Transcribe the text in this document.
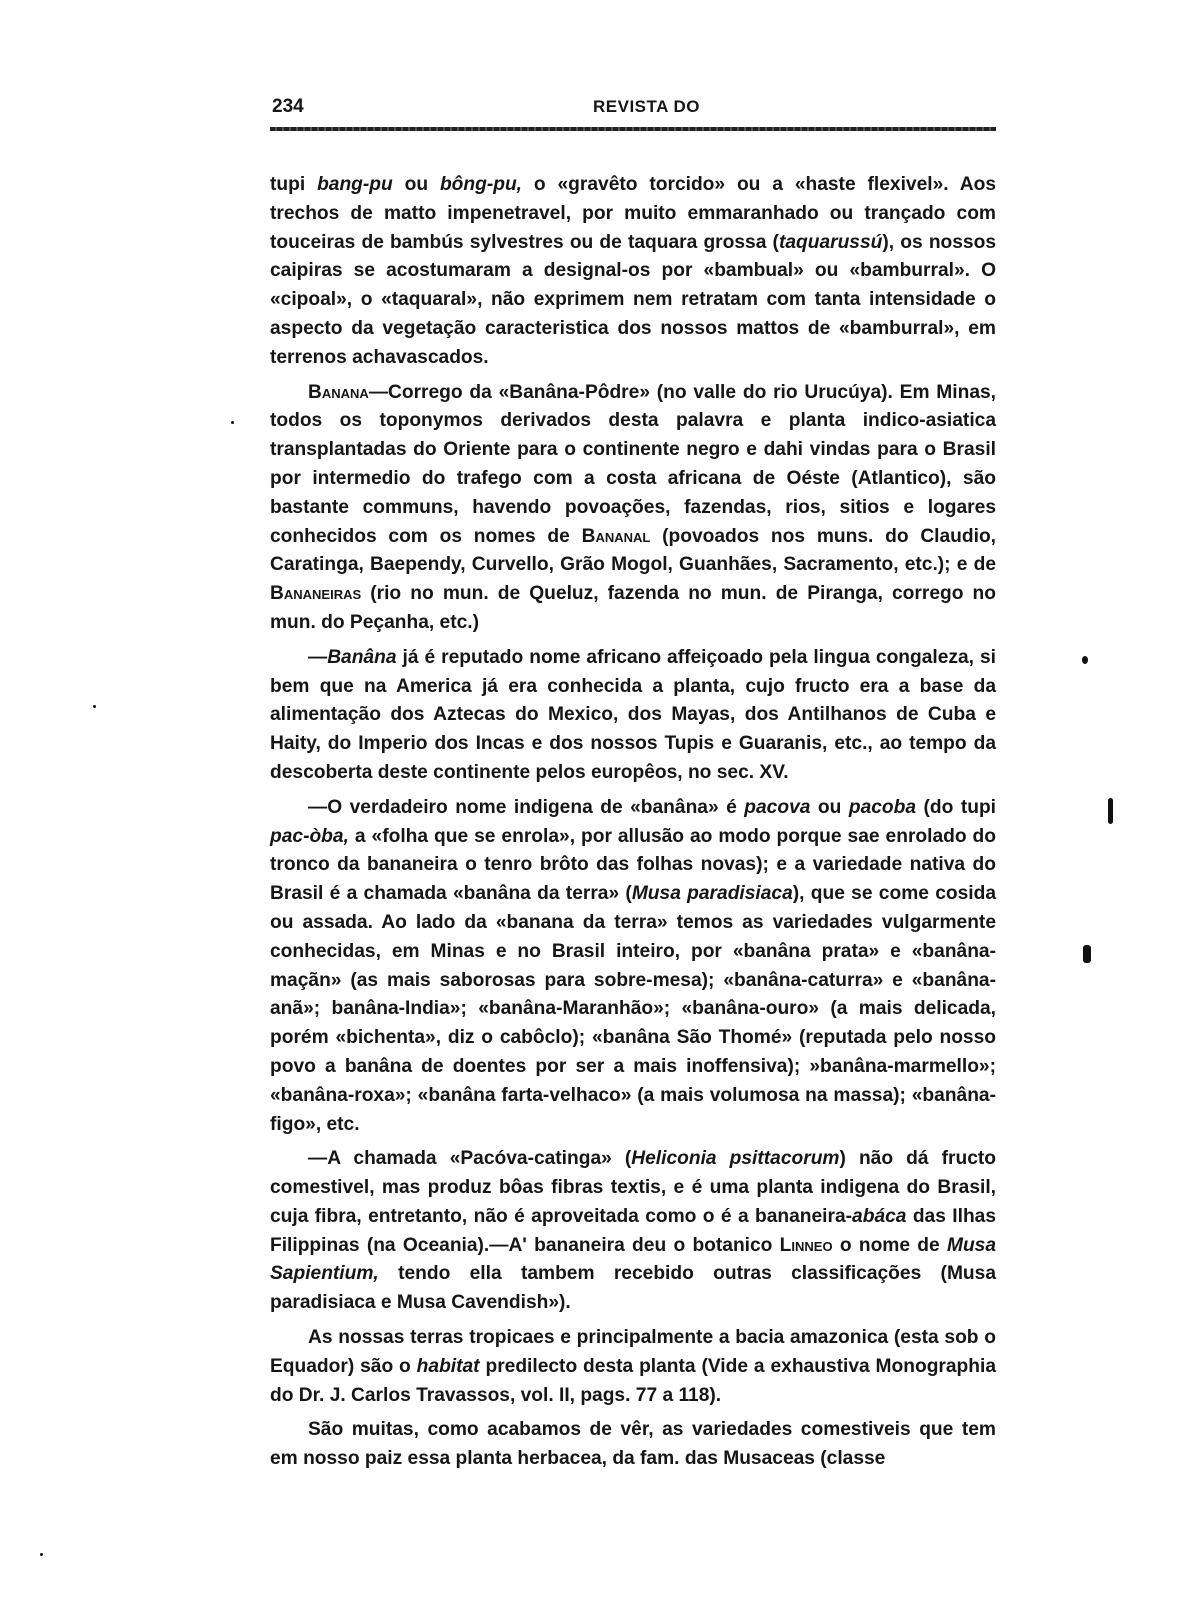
234	REVISTA DO

tupi bang-pu ou bông-pu, o «gravêto torcido» ou a «haste flexivel». Aos trechos de matto impenetravel, por muito emmaranhado ou trançado com touceiras de bambús sylvestres ou de taquara grossa (taquarussú), os nossos caipiras se acostumaram a designal-os por «bambual» ou «bamburral». O «cipoal», o «taquaral», não exprimem nem retratam com tanta intensidade o aspecto da vegetação caracteristica dos nossos mattos de «bamburral», em terrenos achavascados.

Banana—Corrego da «Banâna-Pôdre» (no valle do rio Urucúya). Em Minas, todos os toponymos derivados desta palavra e planta indico-asiatica transplantadas do Oriente para o continente negro e dahi vindas para o Brasil por intermedio do trafego com a costa africana de Oéste (Atlantico), são bastante communs, havendo povoações, fazendas, rios, sitios e logares conhecidos com os nomes de Bananal (povoados nos muns. do Claudio, Caratinga, Baependy, Curvello, Grão Mogol, Guanhães, Sacramento, etc.); e de Bananeiras (rio no mun. de Queluz, fazenda no mun. de Piranga, corrego no mun. do Peçanha, etc.)

—Banâna já é reputado nome africano affeiçoado pela lingua congaleza, si bem que na America já era conhecida a planta, cujo fructo era a base da alimentação dos Aztecas do Mexico, dos Mayas, dos Antilhanos de Cuba e Haity, do Imperio dos Incas e dos nossos Tupis e Guaranis, etc., ao tempo da descoberta deste continente pelos europêos, no sec. XV.

—O verdadeiro nome indigena de «banâna» é pacova ou pacoba (do tupi pac-òba, a «folha que se enrola», por allusão ao modo porque sae enrolado do tronco da bananeira o tenro brôto das folhas novas); e a variedade nativa do Brasil é a chamada «banâna da terra» (Musa paradisiaca), que se come cosida ou assada. Ao lado da «banana da terra» temos as variedades vulgarmente conhecidas, em Minas e no Brasil inteiro, por «banâna prata» e «banâna-maçãn» (as mais saborosas para sobre-mesa); «banâna-caturra» e «banâna-anã»; banâna-India»; «banâna-Maranhão»; «banâna-ouro» (a mais delicada, porém «bichenta», diz o cabôclo); «banâna São Thomé» (reputada pelo nosso povo a banâna de doentes por ser a mais inoffensiva); »banâna-marmello»; «banâna-roxa»; «banâna farta-velhaco» (a mais volumosa na massa); «banâna-figo», etc.

—A chamada «Pacóva-catinga» (Heliconia psittacorum) não dá fructo comestivel, mas produz bôas fibras textis, e é uma planta indigena do Brasil, cuja fibra, entretanto, não é aproveitada como o é a bananeira-abáca das Ilhas Filippinas (na Oceania).—A' bananeira deu o botanico Linneo o nome de Musa Sapientium, tendo ella tambem recebido outras classificações (Musa paradisiaca e Musa Cavendish»).

As nossas terras tropicaes e principalmente a bacia amazonica (esta sob o Equador) são o habitat predilecto desta planta (Vide a exhaustiva Monographia do Dr. J. Carlos Travassos, vol. II, pags. 77 a 118).

São muitas, como acabamos de vêr, as variedades comestiveis que tem em nosso paiz essa planta herbacea, da fam. das Musaceas (classe
